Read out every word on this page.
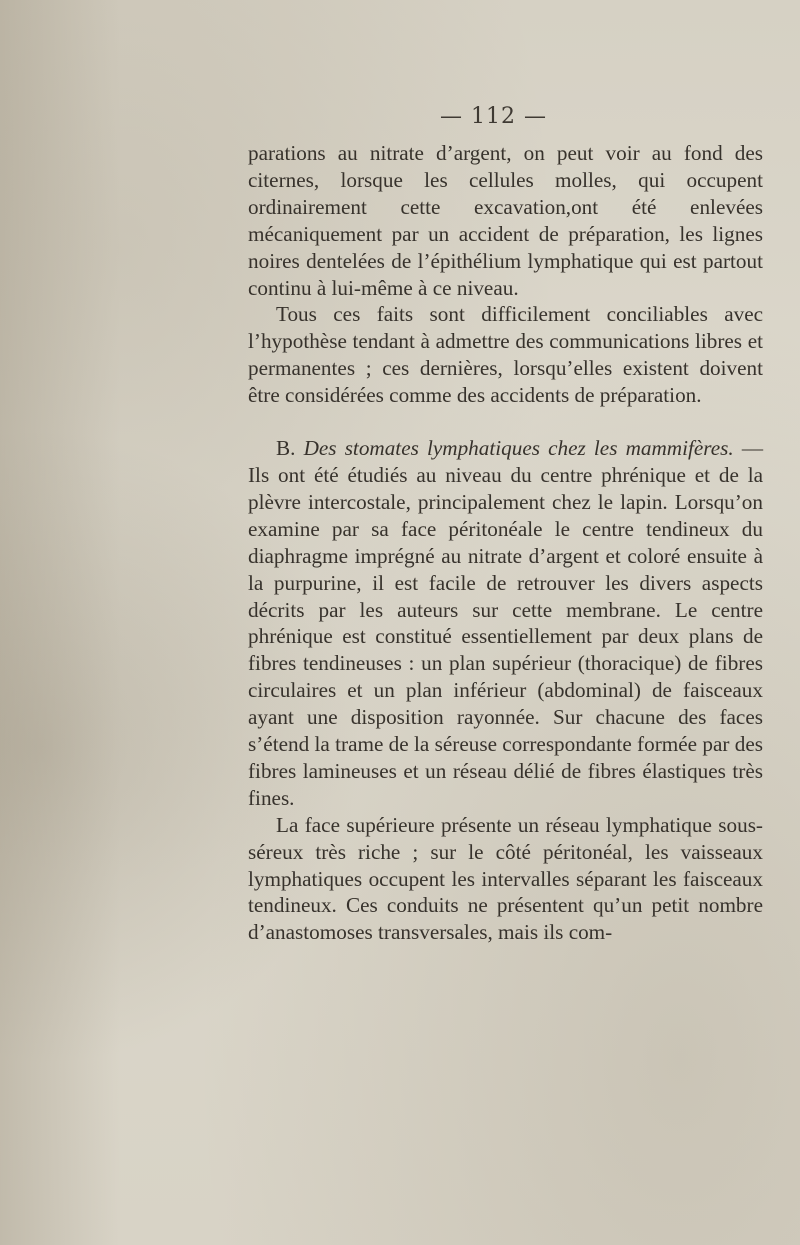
— 112 —

parations au nitrate d’argent, on peut voir au fond des citernes, lorsque les cellules molles, qui occupent ordinairement cette excavation,ont été enlevées mécaniquement par un accident de préparation, les lignes noires dentelées de l’épithélium lymphatique qui est partout continu à lui-même à ce niveau.

Tous ces faits sont difficilement conciliables avec l’hypothèse tendant à admettre des communications libres et permanentes ; ces dernières, lorsqu’elles existent doivent être considérées comme des accidents de préparation.

B. Des stomates lymphatiques chez les mammifères. — Ils ont été étudiés au niveau du centre phrénique et de la plèvre intercostale, principalement chez le lapin. Lorsqu’on examine par sa face péritonéale le centre tendineux du diaphragme imprégné au nitrate d’argent et coloré ensuite à la purpurine, il est facile de retrouver les divers aspects décrits par les auteurs sur cette membrane. Le centre phrénique est constitué essentiellement par deux plans de fibres tendineuses : un plan supérieur (thoracique) de fibres circulaires et un plan inférieur (abdominal) de faisceaux ayant une disposition rayonnée. Sur chacune des faces s’étend la trame de la séreuse correspondante formée par des fibres lamineuses et un réseau délié de fibres élastiques très fines.

La face supérieure présente un réseau lymphatique sous-séreux très riche ; sur le côté péritonéal, les vaisseaux lymphatiques occupent les intervalles séparant les faisceaux tendineux. Ces conduits ne présentent qu’un petit nombre d’anastomoses transversales, mais ils com-
